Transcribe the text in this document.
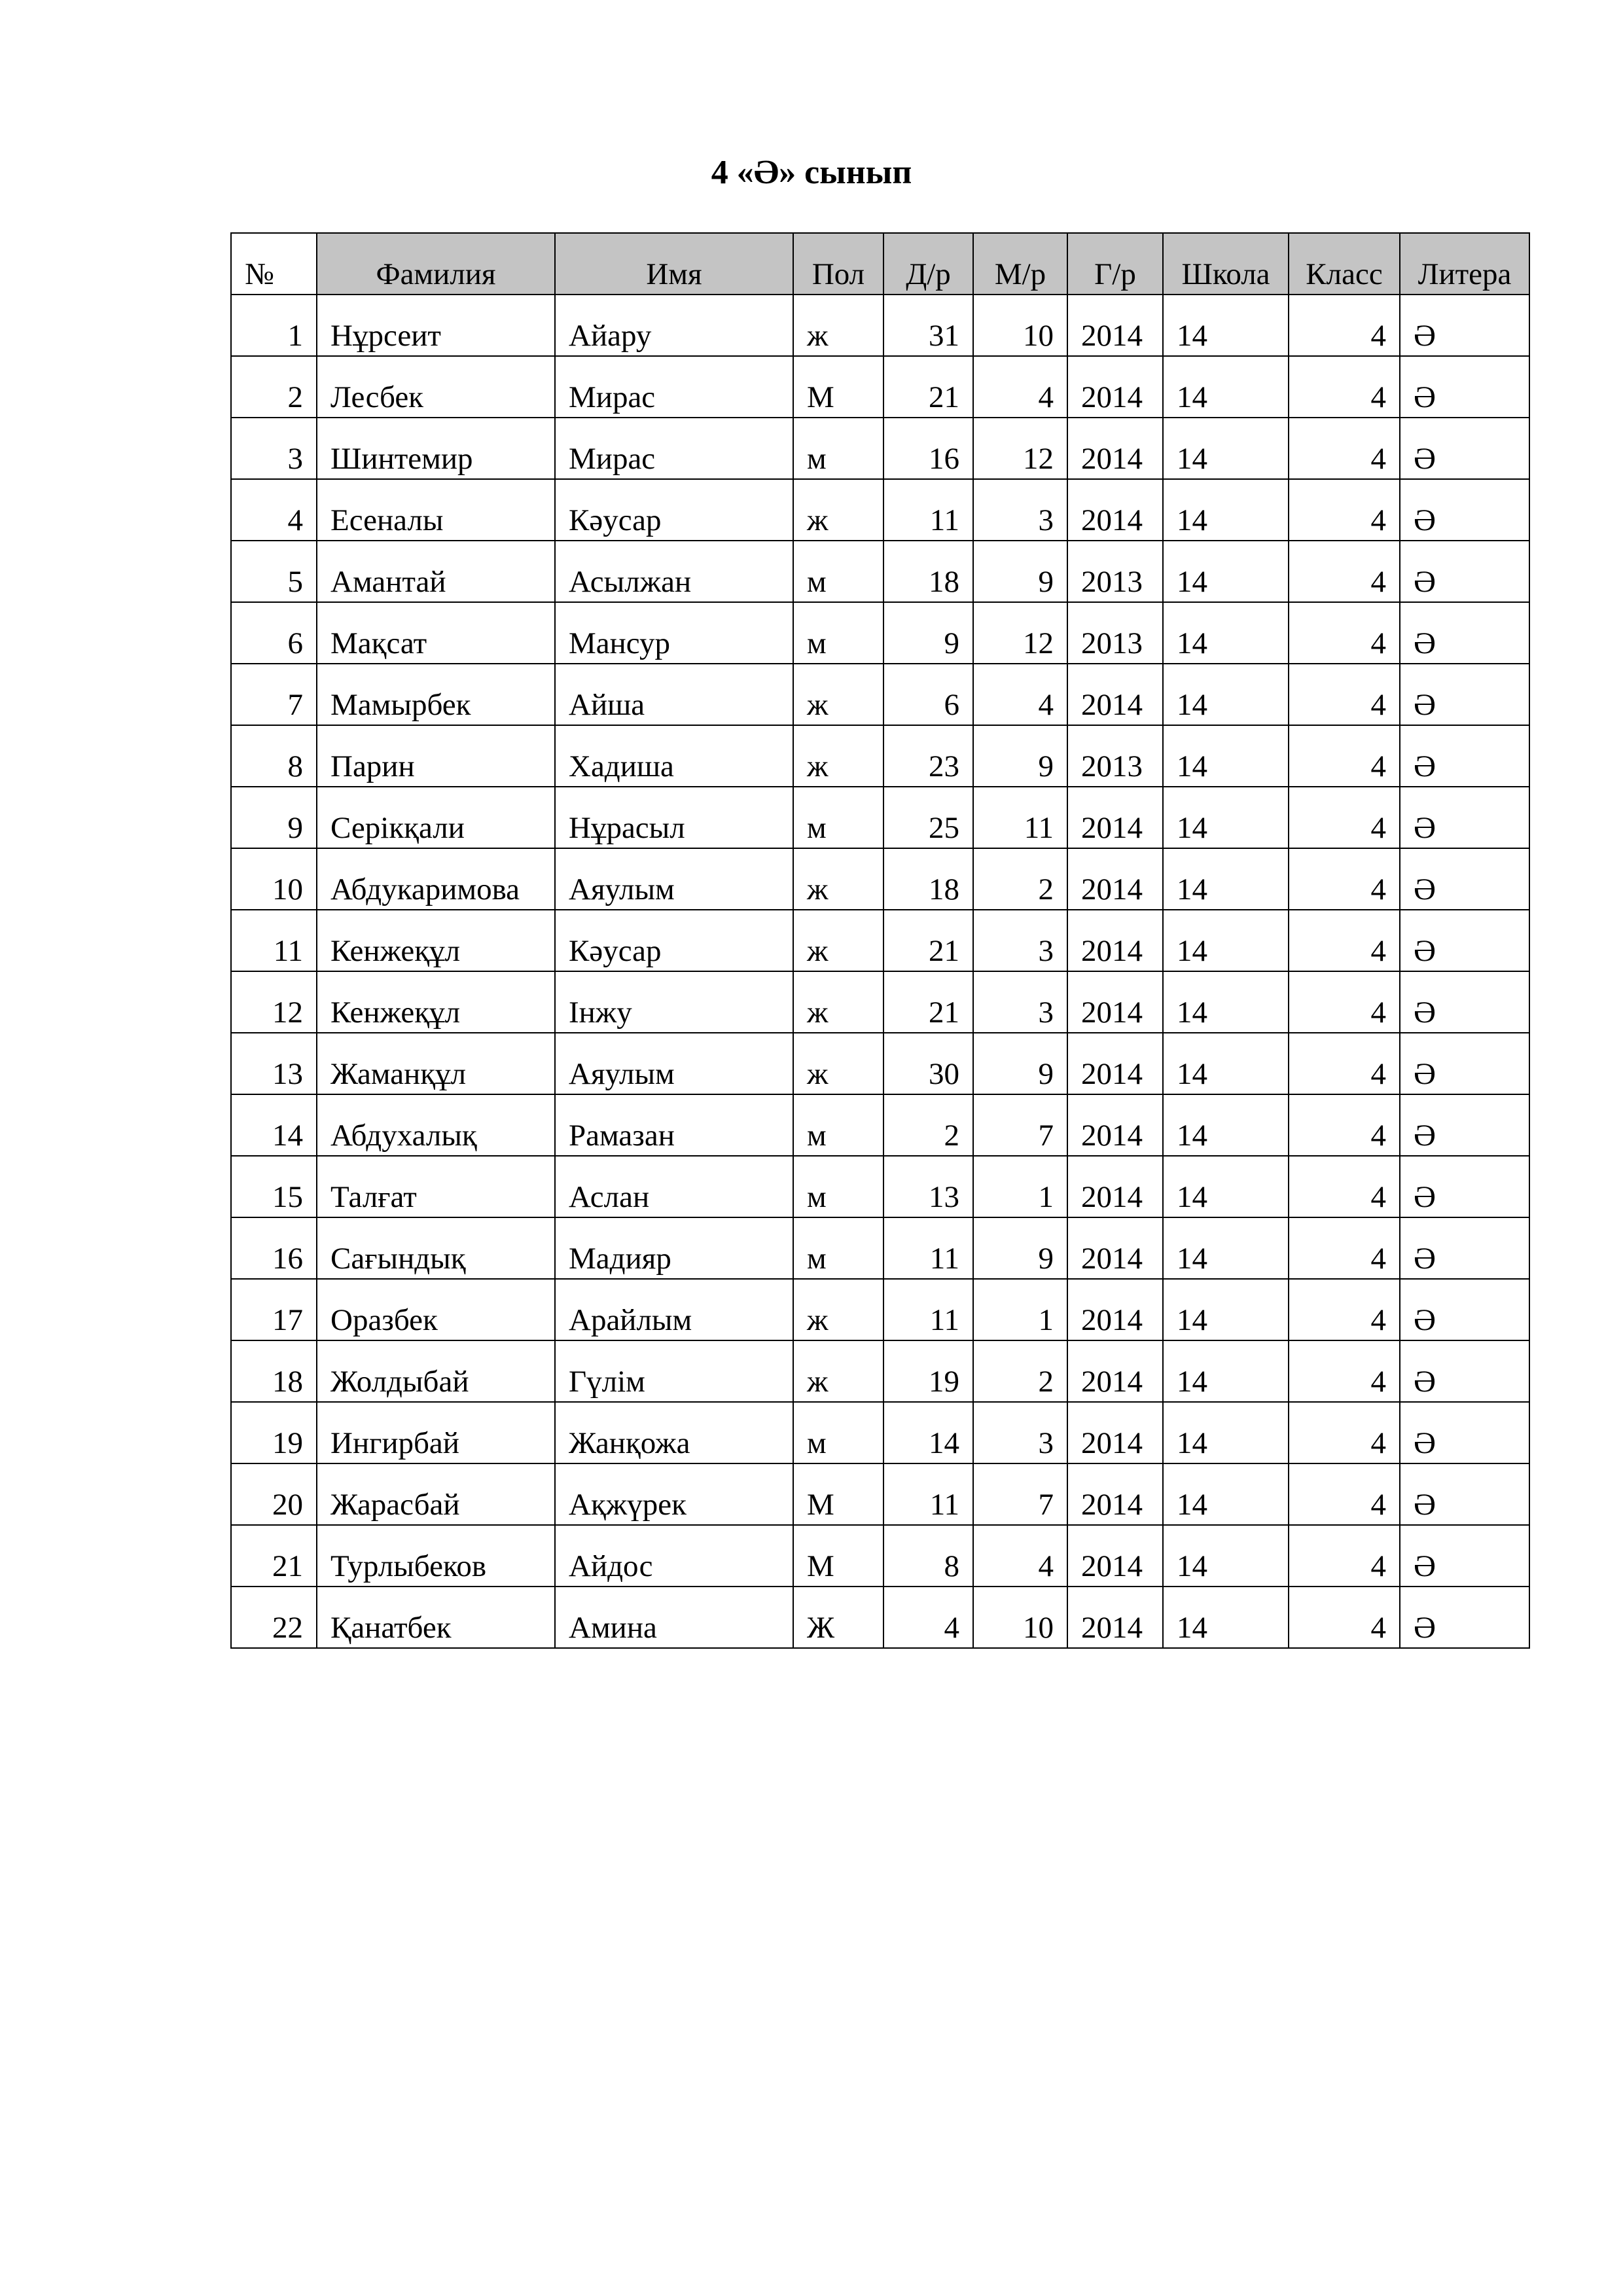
4 «Ә» сынып
№	Фамилия	Имя	Пол	Д/р	М/р	Г/р	Школа	Класс	Литера
1	Нұрсеит	Айару	ж	31	10	2014	14	4	Ә
2	Лесбек	Мирас	М	21	4	2014	14	4	Ә
3	Шинтемир	Мирас	м	16	12	2014	14	4	Ә
4	Есеналы	Кәусар	ж	11	3	2014	14	4	Ә
5	Амантай	Асылжан	м	18	9	2013	14	4	Ә
6	Мақсат	Мансур	м	9	12	2013	14	4	Ә
7	Мамырбек	Айша	ж	6	4	2014	14	4	Ә
8	Парин	Хадиша	ж	23	9	2013	14	4	Ә
9	Серікқали	Нұрасыл	м	25	11	2014	14	4	Ә
10	Абдукаримова	Аяулым	ж	18	2	2014	14	4	Ә
11	Кенжеқұл	Кәусар	ж	21	3	2014	14	4	Ә
12	Кенжеқұл	Інжу	ж	21	3	2014	14	4	Ә
13	Жаманқұл	Аяулым	ж	30	9	2014	14	4	Ә
14	Абдухалық	Рамазан	м	2	7	2014	14	4	Ә
15	Талғат	Аслан	м	13	1	2014	14	4	Ә
16	Сағындық	Мадияр	м	11	9	2014	14	4	Ә
17	Оразбек	Арайлым	ж	11	1	2014	14	4	Ә
18	Жолдыбай	Гүлім	ж	19	2	2014	14	4	Ә
19	Ингирбай	Жанқожа	м	14	3	2014	14	4	Ә
20	Жарасбай	Ақжүрек	М	11	7	2014	14	4	Ә
21	Турлыбеков	Айдос	М	8	4	2014	14	4	Ә
22	Қанатбек	Амина	Ж	4	10	2014	14	4	Ә
